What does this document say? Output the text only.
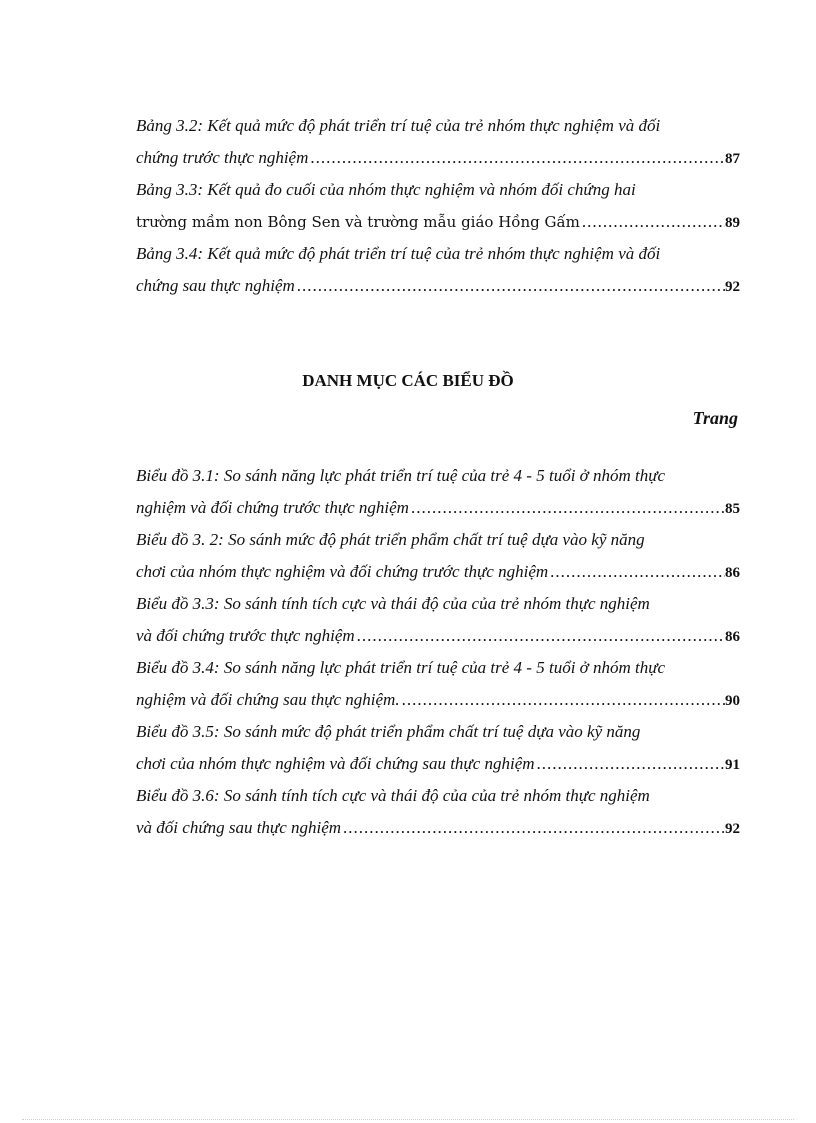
Bảng 3.2: Kết quả mức độ phát triển trí tuệ của trẻ nhóm thực nghiệm và đối
chứng trước thực nghiệm .....	87
Bảng 3.3: Kết quả đo cuối của nhóm thực nghiệm và nhóm đối chứng hai
trường mầm non Bông Sen và trường mẫu giáo Hồng Gấm .....	89
Bảng 3.4: Kết quả mức độ phát triển trí tuệ của trẻ nhóm thực nghiệm và đối
chứng sau thực nghiệm .....	92
DANH MỤC CÁC BIỂU ĐỒ
Trang
Biểu đồ 3.1: So sánh năng lực phát triển trí tuệ của trẻ 4 - 5 tuổi ở nhóm thực
nghiệm và đối chứng trước thực nghiệm .....	85
Biểu đồ 3. 2: So sánh mức độ phát triển phẩm chất trí tuệ dựa vào kỹ năng
chơi của nhóm thực nghiệm và đối chứng trước thực nghiệm .....	86
Biểu đồ 3.3: So sánh tính tích cực và thái độ của của trẻ nhóm thực nghiệm
và đối chứng trước thực nghiệm .....	86
Biểu đồ 3.4: So sánh năng lực phát triển trí tuệ của trẻ 4 - 5 tuổi ở nhóm thực
nghiệm và đối chứng sau thực nghiệm. .....	90
Biểu đồ 3.5: So sánh mức độ phát triển phẩm chất trí tuệ dựa vào kỹ năng
chơi của nhóm thực nghiệm và đối chứng sau thực nghiệm .....	91
Biểu đồ 3.6: So sánh tính tích cực và thái độ của của trẻ nhóm thực nghiệm
và đối chứng sau thực nghiệm .....	92
